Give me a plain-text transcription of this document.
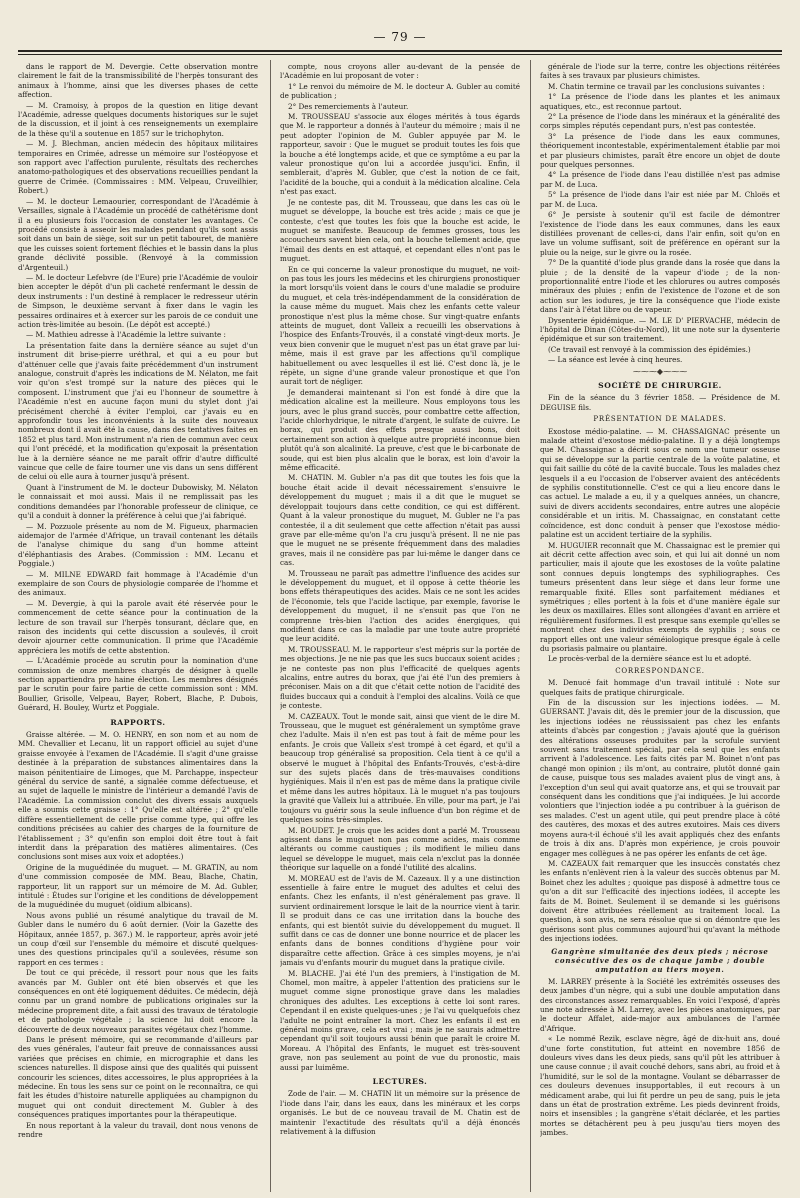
— 79 —

dans le rapport de M. Devergie. Cette observation montre clairement le fait de la transmissibilité de l'herpès tonsurant des animaux à l'homme, ainsi que les diverses phases de cette affection.

— M. Cramoisy, à propos de la question en litige devant l'Académie, adresse quelques documents historiques sur le sujet de la discussion, et il joint à ces renseignements un exemplaire de la thèse qu'il a soutenue en 1857 sur le trichophyton.

— M. J. Blechman, ancien médecin des hôpitaux militaires temporaires en Crimée, adresse un mémoire sur l'ostéopyose et son rapport avec l'affection purulente, résultats des recherches anatomo-pathologiques et des observations recueillies pendant la guerre de Crimée. (Commissaires : MM. Velpeau, Cruveilhier, Robert.)

— M. le docteur Lemaourier, correspondant de l'Académie à Versailles, signale à l'Académie un procédé de cathétérisme dont il a eu plusieurs fois l'occasion de constater les avantages. Ce procédé consiste à asseoir les malades pendant qu'ils sont assis soit dans un bain de siège, soit sur un petit tabouret, de manière que les cuisses soient fortement fléchies et le bassin dans la plus grande déclivité possible. (Renvoyé à la commission d'Argenteuil.)

— M. le docteur Lefebvre (de l'Eure) prie l'Académie de vouloir bien accepter le dépôt d'un pli cacheté renfermant le dessin de deux instruments : l'un destiné à remplacer le redresseur utérin de Simpson, le deuxième servant à fixer dans le vagin les pessaires ordinaires et à exercer sur les parois de ce conduit une action très-limitée au besoin. (Le dépôt est accepté.)

— M. Mathieu adresse à l'Académie la lettre suivante :

La présentation faite dans la dernière séance au sujet d'un instrument dit brise-pierre uréthral, et qui a eu pour but d'atténuer celle que j'avais faite précédemment d'un instrument analogue, construit d'après les indications de M. Nélaton, me fait voir qu'on s'est trompé sur la nature des pièces qui le composent. L'instrument que j'ai eu l'honneur de soumettre à l'Académie n'est en aucune façon muni du stylet dont j'ai précisément cherché à éviter l'emploi, car j'avais eu en approfondir tous les inconvénients à la suite des nouveaux nombreux dont il avait été la cause, dans des tentatives faites en 1852 et plus tard. Mon instrument n'a rien de commun avec ceux qui l'ont précédé, et la modification qu'exposait la présentation lue à la dernière séance ne me paraît offrir d'autre difficulté vaincue que celle de faire tourner une vis dans un sens différent de celui où elle aura à tourner jusqu'à présent.

Quant à l'instrument de M. le docteur Dubowisky, M. Nélaton le connaissait et moi aussi. Mais il ne remplissait pas les conditions demandées par l'honorable professeur de clinique, ce qu'il a conduit à donner la préférence à celui que j'ai fabriqué.

— M. Pozzuole présente au nom de M. Figueux, pharmacien aidemajor de l'armée d'Afrique, un travail contenant les détails de l'analyse chimique du sang d'un homme atteint d'éléphantiasis des Arabes. (Commission : MM. Lecanu et Poggiale.)

— M. MILNE EDWARD fait hommage à l'Académie d'un exemplaire de son Cours de physiologie comparée de l'homme et des animaux.

— M. Devergie, à qui la parole avait été réservée pour le commencement de cette séance pour la continuation de la lecture de son travail sur l'herpès tonsurant, déclare que, en raison des incidents qui cette discussion a soulevés, il croit devoir ajourner cette communication. Il prime que l'Académie appréciera les motifs de cette abstention.

— L'Académie procède au scrutin pour la nomination d'une commission de onze membres chargés de désigner à quelle section appartiendra pro haine élection. Les membres désignés par le scrutin pour faire partie de cette commission sont : MM. Boullier, Grisolle, Velpeau, Bayer, Robert, Blache, P. Dubois, Guérard, H. Bouley, Wurtz et Poggiale.

RAPPORTS.

Graisse altérée. — M. O. HENRY, en son nom et au nom de MM. Chevallier et Lecanu, lit un rapport officiel au sujet d'une graisse envoyée à l'examen de l'Académie. Il s'agit d'une graisse destinée à la préparation de substances alimentaires dans la maison pénitentiaire de Limoges, que M. Parchappe, inspecteur général du service de santé, a signalée comme défectueuse, et au sujet de laquelle le ministre de l'intérieur a demandé l'avis de l'Académie. La commission conclut des divers essais auxquels elle a soumis cette graisse : 1° Qu'elle est altérée ; 2° qu'elle diffère essentiellement de celle prise comme type, qui offre les conditions précisées au cahier des charges de la fourniture de l'établissement ; 3° qu'enfin son emploi doit être tout à fait interdit dans la préparation des matières alimentaires. (Ces conclusions sont mises aux voix et adoptées.)

Origine de la muguédinée du muguet. — M. GRATIN, au nom d'une commission composée de MM. Beau, Blache, Chatin, rapporteur, lit un rapport sur un mémoire de M. Ad. Gubler, intitulé : Études sur l'origine et les conditions de développement de la muguédinée du muguet (oïdium albicans).

Nous avons publié un résumé analytique du travail de M. Gubler dans le numéro du 6 août dernier. (Voir la Gazette des Hôpitaux, année 1857, p. 367.) M. le rapporteur, après avoir jeté un coup d'œil sur l'ensemble du mémoire et discuté quelques-unes des questions principales qu'il a soulevées, résume son rapport en ces termes :

De tout ce qui précède, il ressort pour nous que les faits avancés par M. Gubler ont été bien observés et que les conséquences en ont été logiquement déduites. Ce médecin, déjà connu par un grand nombre de publications originales sur la médecine proprement dite, a fait aussi des travaux de tératologie et de pathologie végétale ; la science lui doit encore la découverte de deux nouveaux parasites végétaux chez l'homme.

Dans le présent mémoire, qui se recommande d'ailleurs par des vues générales, l'auteur fait preuve de connaissances aussi variées que précises en chimie, en micrographie et dans les sciences naturelles. Il dispose ainsi que des qualités qui puissent concourir les sciences, dites accessoires, le plus appropriées à la médecine. En tous les sens sur ce point on le reconnaîtra, ce qui fait les études d'histoire naturelle appliquées au champignon du muguet qui ont conduit directement M. Gubler à des conséquences pratiques importantes pour la thérapeutique.

En nous reportant à la valeur du travail, dont nous venons de rendre

compte, nous croyons aller au-devant de la pensée de l'Académie en lui proposant de voter :

1° Le renvoi du mémoire de M. le docteur A. Gubler au comité de publication ;

2° Des remerciements à l'auteur.

M. TROUSSEAU s'associe aux éloges mérités à tous égards que M. le rapporteur a donnés à l'auteur du mémoire ; mais il ne peut adopter l'opinion de M. Gubler appuyée par M. le rapporteur, savoir : Que le muguet se produit toutes les fois que la bouche a été longtemps acide, et que ce symptôme a eu par la valeur pronostique qu'on lui a accordée jusqu'ici. Enfin, il semblerait, d'après M. Gubler, que c'est la notion de ce fait, l'acidité de la bouche, qui a conduit à la médication alcaline. Cela n'est pas exact.

Je ne conteste pas, dit M. Trousseau, que dans les cas où le muguet se développe, la bouche est très acide ; mais ce que je conteste, c'est que toutes les fois que la bouche est acide, le muguet se manifeste. Beaucoup de femmes grosses, tous les accoucheurs savent bien cela, ont la bouche tellement acide, que l'émail des dents en est attaqué, et cependant elles n'ont pas le muguet.

En ce qui concerne la valeur pronostique du muguet, ne voit-on pas tous les jours les médecins et les chirurgiens pronostiquer la mort lorsqu'ils voient dans le cours d'une maladie se produire du muguet, et cela très-indépendamment de la considération de la cause même du muguet. Mais chez les enfants cette valeur pronostique n'est plus la même chose. Sur vingt-quatre enfants atteints de muguet, dont Valleix a recueilli les observations à l'hospice des Enfants-Trouvés, il a constaté vingt-deux morts. Je veux bien convenir que le muguet n'est pas un état grave par lui-même, mais il est grave par les affections qu'il complique habituellement ou avec lesquelles il est lié. C'est donc là, je le répète, un signe d'une grande valeur pronostique et que l'on aurait tort de négliger.

Je demanderai maintenant si l'on est fondé à dire que la médication alcaline est la meilleure. Nous employons tous les jours, avec le plus grand succès, pour combattre cette affection, l'acide chlorhydrique, le nitrate d'argent, le sulfate de cuivre. Le borax, qui produit des effets presque aussi bons, doit certainement son action à quelque autre propriété inconnue bien plutôt qu'à son alcalinité. La preuve, c'est que le bi-carbonate de soude, qui est bien plus alcalin que le borax, est loin d'avoir la même efficacité.

M. CHATIN. M. Gubler n'a pas dit que toutes les fois que la bouche était acide il devait nécessairement s'ensuivre le développement du muguet ; mais il a dit que le muguet se développait toujours dans cette condition, ce qui est différent. Quant à la valeur pronostique du muguet, M. Gubler ne l'a pas contestée, il a dit seulement que cette affection n'était pas aussi grave par elle-même qu'on l'a cru jusqu'à présent. Il ne nie pas que le muguet ne se présente fréquemment dans des maladies graves, mais il ne considère pas par lui-même le danger dans ce cas.

M. Trousseau ne paraît pas admettre l'influence des acides sur le développement du muguet, et il oppose à cette théorie les bons effets thérapeutiques des acides. Mais ce ne sont les acides de l'économie, tels que l'acide lactique, par exemple, favorise le développement du muguet, il ne s'ensuit pas que l'on ne comprenne très-bien l'action des acides énergiques, qui modifient dans ce cas la maladie par une toute autre propriété que leur acidité.

M. TROUSSEAU. M. le rapporteur s'est mépris sur la portée de mes objections. Je ne nie pas que les sucs buccaux soient acides ; je ne conteste pas non plus l'efficacité de quelques agents alcalins, entre autres du borax, que j'ai été l'un des premiers à préconiser. Mais on a dit que c'était cette notion de l'acidité des fluides buccaux qui a conduit à l'emploi des alcalins. Voilà ce que je conteste.

M. CAZEAUX. Tout le monde sait, ainsi que vient de le dire M. Trousseau, que le muguet est généralement un symptôme grave chez l'adulte. Mais il n'en est pas tout à fait de même pour les enfants. Je crois que Valleix s'est trompé à cet égard, et qu'il a beaucoup trop généralisé sa proposition. Cela tient à ce qu'il a observé le muguet à l'hôpital des Enfants-Trouvés, c'est-à-dire sur des sujets placés dans de très-mauvaises conditions hygiéniques. Mais il n'en est pas de même dans la pratique civile et même dans les autres hôpitaux. Là le muguet n'a pas toujours la gravité que Valleix lui a attribuée. En ville, pour ma part, je l'ai toujours vu guérir sous la seule influence d'un bon régime et de quelques soins très-simples.

M. BOUDET. Je crois que les acides dont a parlé M. Trousseau agissent dans le muguet non pas comme acides, mais comme altérants ou comme caustiques ; ils modifient le milieu dans lequel se développe le muguet, mais cela n'exclut pas la donnée théorique sur laquelle on a fondé l'utilité des alcalins.

M. MOREAU est de l'avis de M. Cazeaux. Il y a une distinction essentielle à faire entre le muguet des adultes et celui des enfants. Chez les enfants, il n'est généralement pas grave. Il survient ordinairement lorsque le lait de la nourrice vient à tarir. Il se produit dans ce cas une irritation dans la bouche des enfants, qui est bientôt suivie du développement du muguet. Il suffit dans ce cas de donner une bonne nourrice et de placer les enfants dans de bonnes conditions d'hygiène pour voir disparaître cette affection. Grâce à ces simples moyens, je n'ai jamais vu d'enfants mourir du muguet dans la pratique civile.

M. BLACHE. J'ai été l'un des premiers, à l'instigation de M. Chomel, mon maître, à appeler l'attention des praticiens sur le muguet comme signe pronostique grave dans les maladies chroniques des adultes. Les exceptions à cette loi sont rares. Cependant il en existe quelques-unes ; je l'ai vu quelquefois chez l'adulte ne point entraîner la mort. Chez les enfants il est en général moins grave, cela est vrai ; mais je ne saurais admettre cependant qu'il soit toujours aussi bénin que paraît le croire M. Moreau. A l'hôpital des Enfants, le muguet est très-souvent grave, non pas seulement au point de vue du pronostic, mais aussi par luimême.

LECTURES.

Zode de l'air. — M. CHATIN lit un mémoire sur la présence de l'iode dans l'air, dans les eaux, dans les minéraux et les corps organisés. Le but de ce nouveau travail de M. Chatin est de maintenir l'exactitude des résultats qu'il a déjà énoncés relativement à la diffusion

générale de l'iode sur la terre, contre les objections réitérées faites à ses travaux par plusieurs chimistes.

M. Chatin termine ce travail par les conclusions suivantes :

1° La présence de l'iode dans les plantes et les animaux aquatiques, etc., est reconnue partout.

2° La présence de l'iode dans les minéraux et la généralité des corps simples réputés cependant purs, n'est pas contestée.

3° La présence de l'iode dans les eaux communes, théoriquement incontestable, expérimentalement établie par moi et par plusieurs chimistes, paraît être encore un objet de doute pour quelques personnes.

4° La présence de l'iode dans l'eau distillée n'est pas admise par M. de Luca.

5° La présence de l'iode dans l'air est niée par M. Chloës et par M. de Luca.

6° Je persiste à soutenir qu'il est facile de démontrer l'existence de l'iode dans les eaux communes, dans les eaux distillées provenant de celles-ci, dans l'air enfin, soit qu'on en lave un volume suffisant, soit de préférence en opérant sur la pluie ou la neige, sur le givre ou la rosée.

7° De la quantité d'iode plus grande dans la rosée que dans la pluie ; de la densité de la vapeur d'iode ; de la non-proportionnalité entre l'iode et les chlorures ou autres composés minéraux des pluies ; enfin de l'existence de l'ozone et de son action sur les iodures, je tire la conséquence que l'iode existe dans l'air à l'état libre ou de vapeur.

Dysenterie épidémique. — M. LE D' PIERVACHE, médecin de l'hôpital de Dinan (Côtes-du-Nord), lit une note sur la dysenterie épidémique et sur son traitement.

(Ce travail est renvoyé à la commission des épidémies.)

— La séance est levée à cinq heures.

⁓⁓⁓◆⁓⁓⁓
SOCIÉTÉ DE CHIRURGIE.

Fin de la séance du 3 février 1858. — Présidence de M. DEGUISE fils.

PRÉSENTATION DE MALADES.

Exostose médio-palatine. — M. CHASSAIGNAC présente un malade atteint d'exostose médio-palatine. Il y a déjà longtemps que M. Chassaignac a décrit sous ce nom une tumeur osseuse qui se développe sur la partie centrale de la voûte palatine, et qui fait saillie du côté de la cavité buccale. Tous les malades chez lesquels il a eu l'occasion de l'observer avaient des antécédents de syphilis constitutionnelle. C'est ce qui a lieu encore dans le cas actuel. Le malade a eu, il y a quelques années, un chancre, suivi de divers accidents secondaires, entre autres une alopécie considérable et un iritis. M. Chassaignac, en constatant cette coïncidence, est donc conduit à penser que l'exostose médio-palatine est un accident tertiaire de la syphilis.

M. HUGUIER reconnaît que M. Chassaignac est le premier qui ait décrit cette affection avec soin, et qui lui ait donné un nom particulier, mais il ajoute que les exostoses de la voûte palatine sont connues depuis longtemps des syphiliographes. Ces tumeurs présentent dans leur siège et dans leur forme une remarquable fixité. Elles sont parfaitement médianes et symétriques ; elles portent à la fois et d'une manière égale sur les deux os maxillaires. Elles sont allongées d'avant en arrière et régulièrement fusiformes. Il est presque sans exemple qu'elles se montrent chez des individus exempts de syphilis ; sous ce rapport elles ont une valeur séméiologique presque égale à celle du psoriasis palmaire ou plantaire.

Le procès-verbal de la dernière séance est lu et adopté.

CORRESPONDANCE.

M. Denucé fait hommage d'un travail intitulé : Note sur quelques faits de pratique chirurgicale.

Fin de la discussion sur les injections iodées. — M. GUERSANT. J'avais dit, dès le premier jour de la discussion, que les injections iodées ne réussissaient pas chez les enfants atteints d'abcès par congestion ; j'avais ajouté que la guérison des altérations osseuses produites par la scrofule survient souvent sans traitement spécial, par cela seul que les enfants arrivent à l'adolescence. Les faits cités par M. Boinet n'ont pas changé mon opinion ; ils m'ont, au contraire, plutôt donné gain de cause, puisque tous ses malades avaient plus de vingt ans, à l'exception d'un seul qui avait quatorze ans, et qui se trouvait par conséquent dans les conditions que j'ai indiquées. Je lui accorde volontiers que l'injection iodée a pu contribuer à la guérison de ses malades. C'est un agent utile, qui peut prendre place à côté des cautères, des moxas et des autres exutoires. Mais ces divers moyens aura-t-il échoué s'il les avait appliqués chez des enfants de trois à dix ans. D'après mon expérience, je crois pouvoir engager mes collègues à ne pas opérer les enfants de cet âge.

M. CAZEAUX fait remarquer que les insuccès constatés chez les enfants n'enlèvent rien à la valeur des succès obtenus par M. Boinet chez les adultes ; quoique pas disposé à admettre tous ce qu'on a dit sur l'efficacité des injections iodées, il accepte les faits de M. Boinet. Seulement il se demande si les guérisons doivent être attribuées réellement au traitement local. La question, à son avis, ne sera résolue que si on démontre que les guérisons sont plus communes aujourd'hui qu'avant la méthode des injections iodées.

Gangrène simultanée des deux pieds ; nécrose consécutive des os de chaque jambe ; double amputation au tiers moyen.

M. LARREY présente à la Société les extrémités osseuses des deux jambes d'un nègre, qui a subi une double amputation dans des circonstances assez remarquables. En voici l'exposé, d'après une note adressée à M. Larrey, avec les pièces anatomiques, par le docteur Affalet, aide-major aux ambulances de l'armée d'Afrique.

« Le nommé Rezik, esclave nègre, âgé de dix-huit ans, doué d'une forte constitution, fut atteint en novembre 1856 de douleurs vives dans les deux pieds, sans qu'il pût les attribuer à une cause connue ; il avait couché dehors, sans abri, au froid et à l'humidité, sur le sol de la montagne. Voulant se débarrasser de ces douleurs devenues insupportables, il eut recours à un médicament arabe, qui lui fit perdre un peu de sang, puis le jeta dans un état de prostration extrême. Les pieds devinrent froids, noirs et insensibles ; la gangrène s'était déclarée, et les parties mortes se détachèrent peu à peu jusqu'au tiers moyen des jambes.
